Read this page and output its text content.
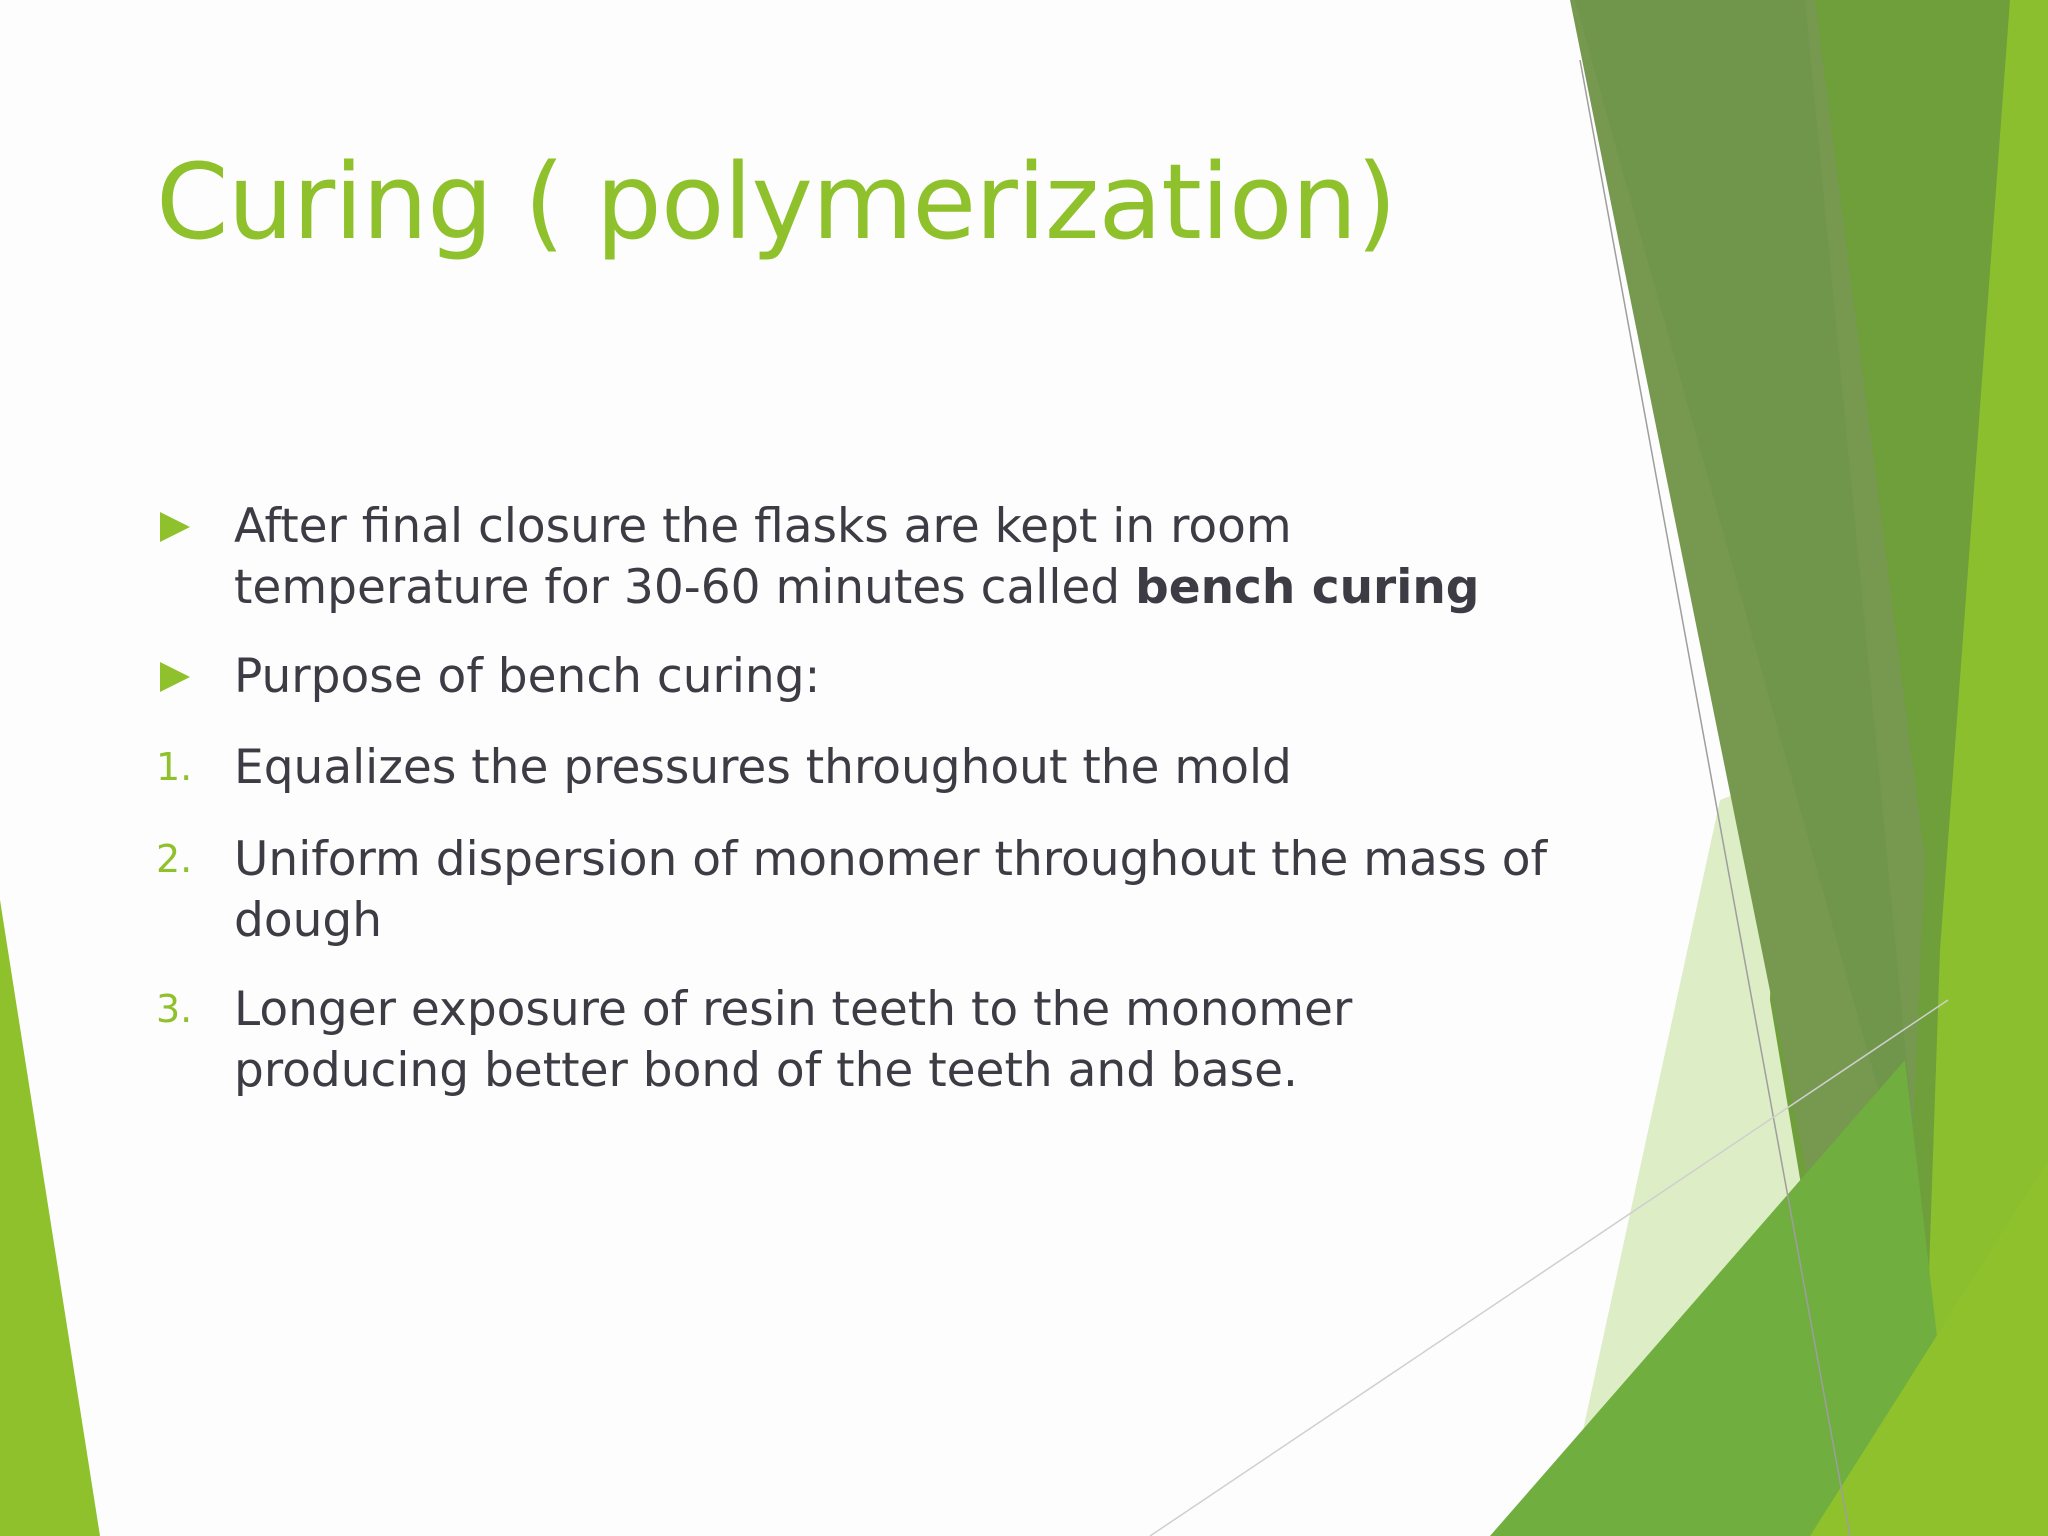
Curing ( polymerization)
After final closure the flasks are kept in room
temperature for 30-60 minutes called bench curing
Purpose of bench curing:
1. Equalizes the pressures throughout the mold
2. Uniform dispersion of monomer throughout the mass of
dough
3. Longer exposure of resin teeth to the monomer
producing better bond of the teeth and base.
